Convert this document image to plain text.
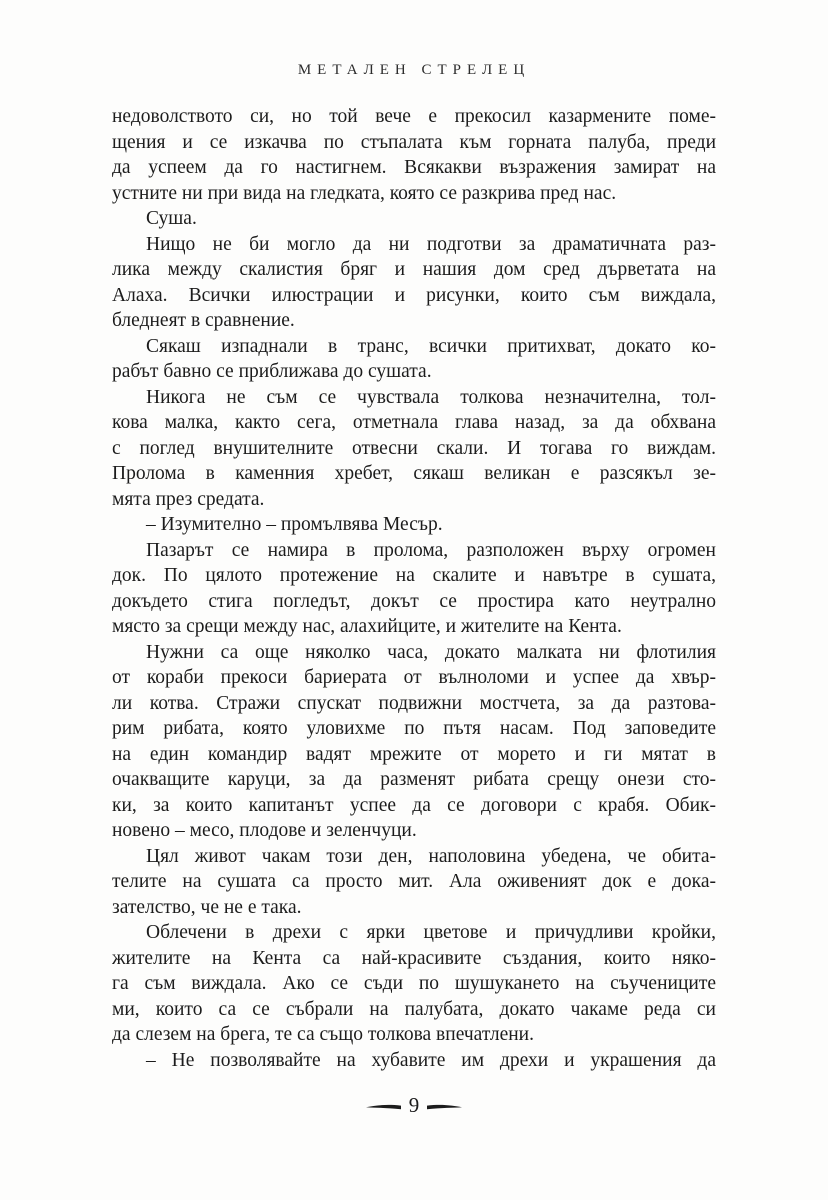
МЕТАЛЕН СТРЕЛЕЦ
недоволството си, но той вече е прекосил казармените поме-
щения и се изкачва по стъпалата към горната палуба, преди
да успеем да го настигнем. Всякакви възражения замират на
устните ни при вида на гледката, която се разкрива пред нас.
Суша.
Нищо не би могло да ни подготви за драматичната раз-
лика между скалистия бряг и нашия дом сред дърветата на
Алаха. Всички илюстрации и рисунки, които съм виждала,
бледнеят в сравнение.
Сякаш изпаднали в транс, всички притихват, докато ко-
рабът бавно се приближава до сушата.
Никога не съм се чувствала толкова незначителна, тол-
кова малка, както сега, отметнала глава назад, за да обхвана
с поглед внушителните отвесни скали. И тогава го виждам.
Пролома в каменния хребет, сякаш великан е разсякъл зе-
мята през средата.
– Изумително – промълвява Месър.
Пазарът се намира в пролома, разположен върху огромен
док. По цялото протежение на скалите и навътре в сушата,
докъдето стига погледът, докът се простира като неутрално
място за срещи между нас, алахийците, и жителите на Кента.
Нужни са още няколко часа, докато малката ни флотилия
от кораби прекоси бариерата от вълноломи и успее да хвър-
ли котва. Стражи спускат подвижни мостчета, за да разтова-
рим рибата, която уловихме по пътя насам. Под заповедите
на един командир вадят мрежите от морето и ги мятат в
очакващите каруци, за да разменят рибата срещу онези сто-
ки, за които капитанът успее да се договори с крабя. Обик-
новено – месо, плодове и зеленчуци.
Цял живот чакам този ден, наполовина убедена, че обита-
телите на сушата са просто мит. Ала оживеният док е дока-
зателство, че не е така.
Облечени в дрехи с ярки цветове и причудливи кройки,
жителите на Кента са най-красивите създания, които няко-
га съм виждала. Ако се съди по шушукането на съучениците
ми, които са се събрали на палубата, докато чакаме реда си
да слезем на брега, те са също толкова впечатлени.
– Не позволявайте на хубавите им дрехи и украшения да
9
